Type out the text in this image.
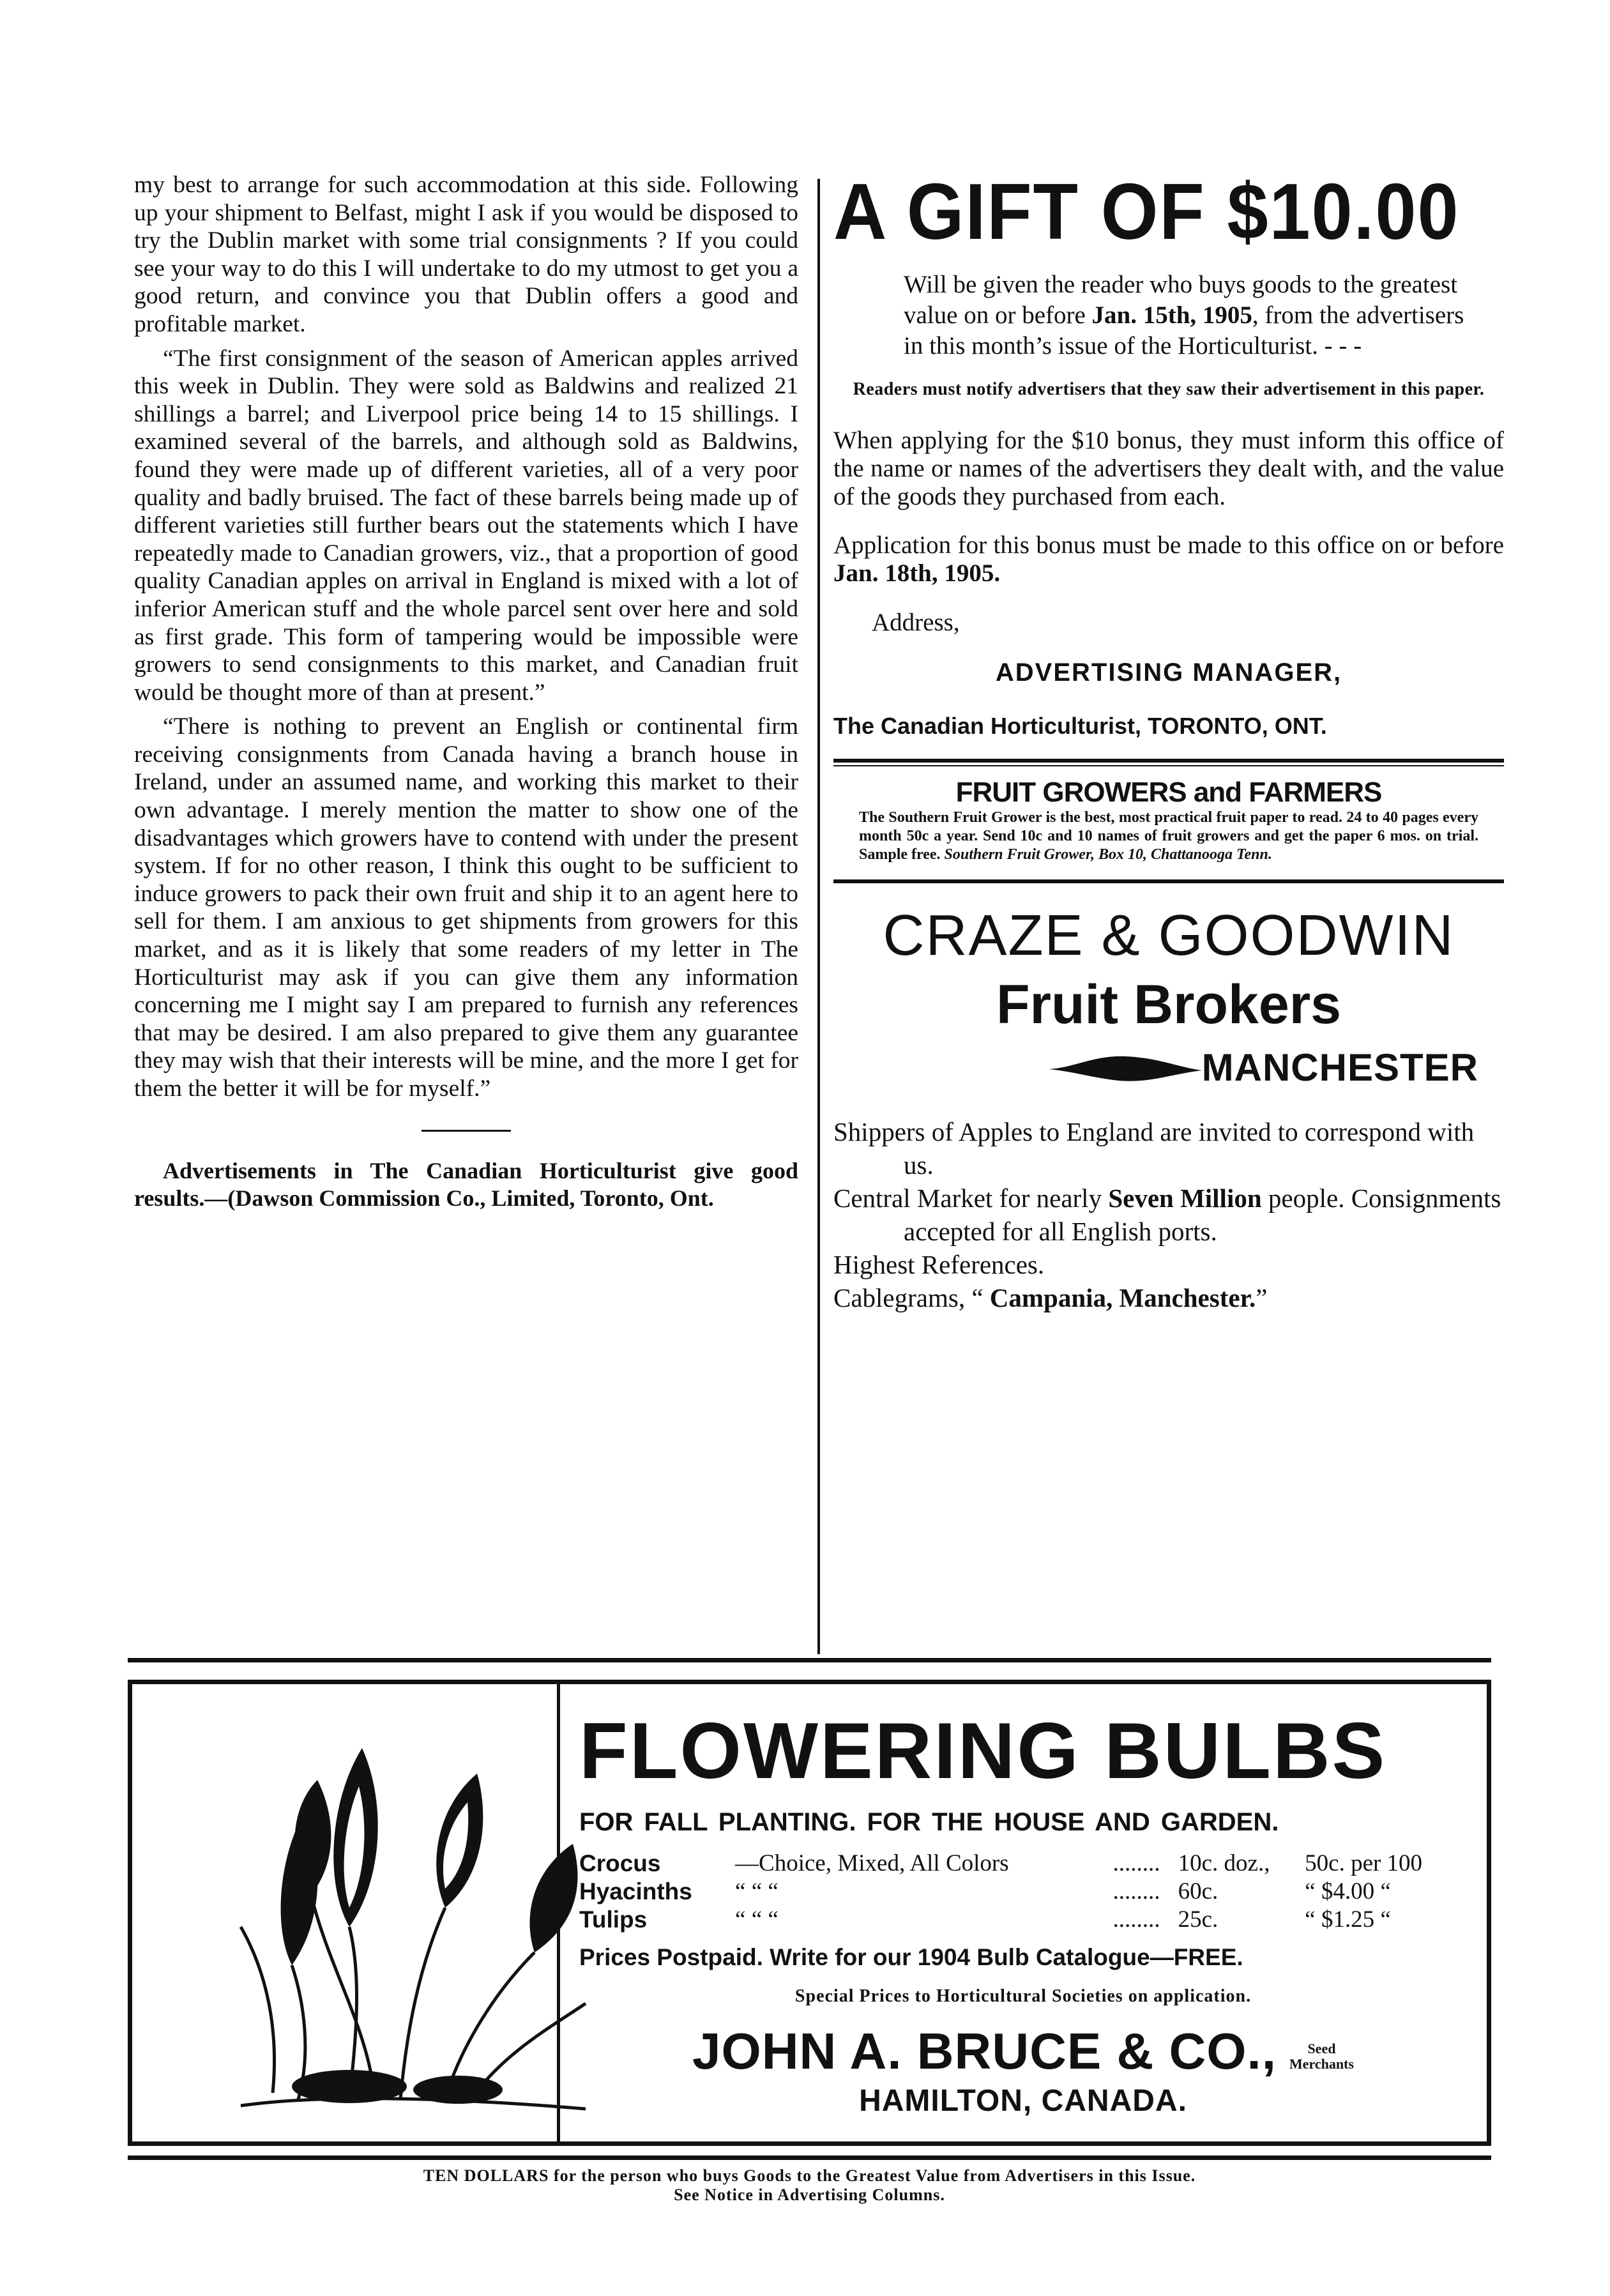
my best to arrange for such accommodation at this side. Following up your shipment to Belfast, might I ask if you would be disposed to try the Dublin market with some trial consignments ? If you could see your way to do this I will undertake to do my utmost to get you a good return, and convince you that Dublin offers a good and profitable market.

“The first consignment of the season of American apples arrived this week in Dublin. They were sold as Baldwins and realized 21 shillings a barrel; and Liverpool price being 14 to 15 shillings. I examined several of the barrels, and although sold as Baldwins, found they were made up of different varieties, all of a very poor quality and badly bruised. The fact of these barrels being made up of different varieties still further bears out the statements which I have repeatedly made to Canadian growers, viz., that a proportion of good quality Canadian apples on arrival in England is mixed with a lot of inferior American stuff and the whole parcel sent over here and sold as first grade. This form of tampering would be impossible were growers to send consignments to this market, and Canadian fruit would be thought more of than at present.”

“There is nothing to prevent an English or continental firm receiving consignments from Canada having a branch house in Ireland, under an assumed name, and working this market to their own advantage. I merely mention the matter to show one of the disadvantages which growers have to contend with under the present system. If for no other reason, I think this ought to be sufficient to induce growers to pack their own fruit and ship it to an agent here to sell for them. I am anxious to get shipments from growers for this market, and as it is likely that some readers of my letter in The Horticulturist may ask if you can give them any information concerning me I might say I am prepared to furnish any references that may be desired. I am also prepared to give them any guarantee they may wish that their interests will be mine, and the more I get for them the better it will be for myself.”

Advertisements in The Canadian Horticulturist give good results.—(Dawson Commission Co., Limited, Toronto, Ont.

A GIFT OF $10.00
Will be given the reader who buys goods to the greatest value on or before Jan. 15th, 1905, from the advertisers in this month’s issue of the Horticulturist. - - -
Readers must notify advertisers that they saw their advertisement in this paper.

When applying for the $10 bonus, they must inform this office of the name or names of the advertisers they dealt with, and the value of the goods they purchased from each.

Application for this bonus must be made to this office on or before Jan. 18th, 1905.

Address,
ADVERTISING MANAGER,
The Canadian Horticulturist, TORONTO, ONT.
FRUIT GROWERS and FARMERS
The Southern Fruit Grower is the best, most practical fruit paper to read. 24 to 40 pages every month 50c a year. Send 10c and 10 names of fruit growers and get the paper 6 mos. on trial. Sample free. Southern Fruit Grower, Box 10, Chattanooga Tenn.
CRAZE & GOODWIN
Fruit Brokers
MANCHESTER

Shippers of Apples to England are invited to correspond with us.

Central Market for nearly Seven Million people. Consignments accepted for all English ports.

Highest References.

Cablegrams, “ Campania, Manchester.”

FLOWERING BULBS
FOR FALL PLANTING. FOR THE HOUSE AND GARDEN.
Crocus	—Choice, Mixed, All Colors	........	10c. doz.,	50c. per 100
Hyacinths	“ “ “	........	60c.	“ $4.00 “
Tulips	“ “ “	........	25c.	“ $1.25 “
Prices Postpaid. Write for our 1904 Bulb Catalogue—FREE.
Special Prices to Horticultural Societies on application.
JOHN A. BRUCE & CO.,	Seed
Merchants
HAMILTON, CANADA.
TEN DOLLARS for the person who buys Goods to the Greatest Value from Advertisers in this Issue.
See Notice in Advertising Columns.
